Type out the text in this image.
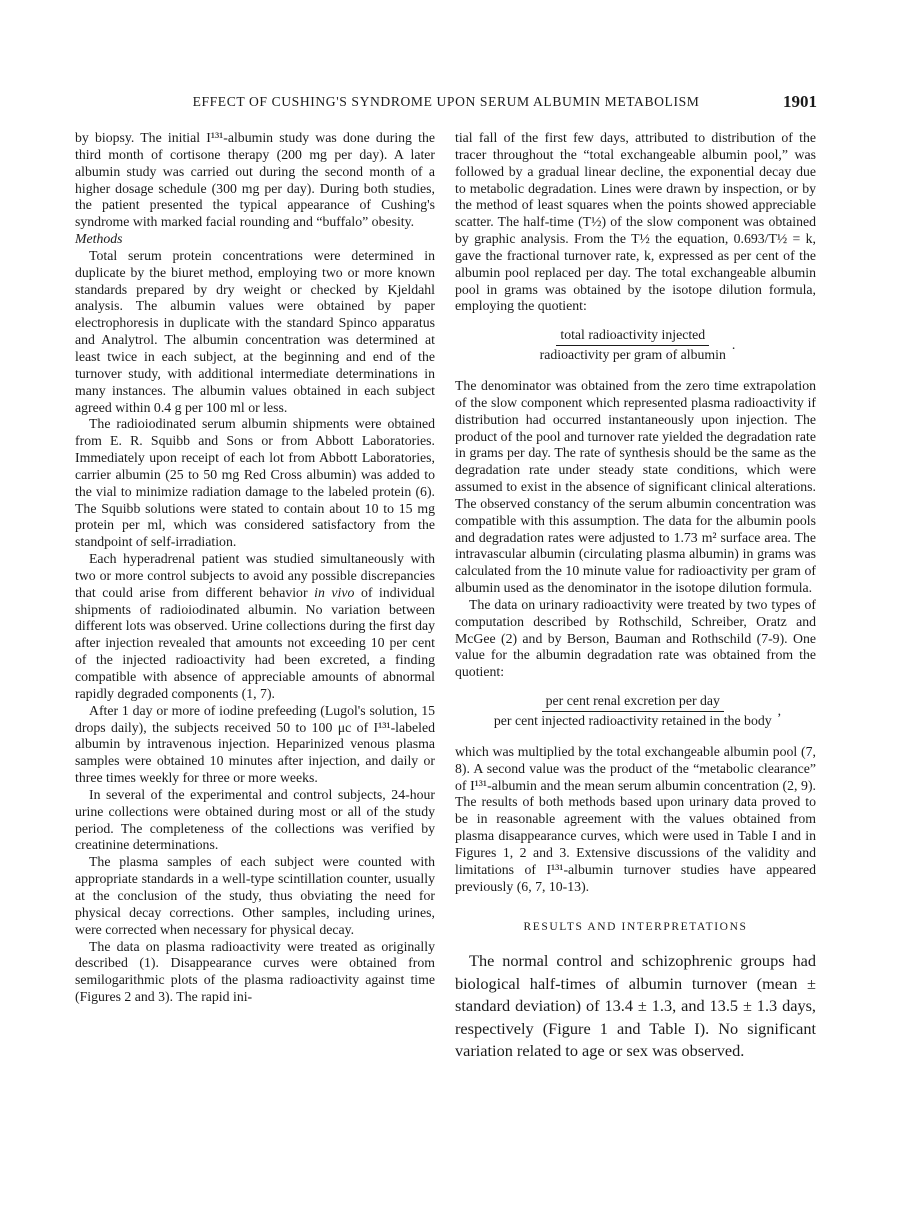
EFFECT OF CUSHING'S SYNDROME UPON SERUM ALBUMIN METABOLISM	1901

by biopsy. The initial I¹³¹-albumin study was done during the third month of cortisone therapy (200 mg per day). A later albumin study was carried out during the second month of a higher dosage schedule (300 mg per day). During both studies, the patient presented the typical appearance of Cushing's syndrome with marked facial rounding and “buffalo” obesity.

Methods

Total serum protein concentrations were determined in duplicate by the biuret method, employing two or more known standards prepared by dry weight or checked by Kjeldahl analysis. The albumin values were obtained by paper electrophoresis in duplicate with the standard Spinco apparatus and Analytrol. The albumin concentration was determined at least twice in each subject, at the beginning and end of the turnover study, with additional intermediate determinations in many instances. The albumin values obtained in each subject agreed within 0.4 g per 100 ml or less.

The radioiodinated serum albumin shipments were obtained from E. R. Squibb and Sons or from Abbott Laboratories. Immediately upon receipt of each lot from Abbott Laboratories, carrier albumin (25 to 50 mg Red Cross albumin) was added to the vial to minimize radiation damage to the labeled protein (6). The Squibb solutions were stated to contain about 10 to 15 mg protein per ml, which was considered satisfactory from the standpoint of self-irradiation.

Each hyperadrenal patient was studied simultaneously with two or more control subjects to avoid any possible discrepancies that could arise from different behavior in vivo of individual shipments of radioiodinated albumin. No variation between different lots was observed. Urine collections during the first day after injection revealed that amounts not exceeding 10 per cent of the injected radioactivity had been excreted, a finding compatible with absence of appreciable amounts of abnormal rapidly degraded components (1, 7).

After 1 day or more of iodine prefeeding (Lugol's solution, 15 drops daily), the subjects received 50 to 100 μc of I¹³¹-labeled albumin by intravenous injection. Heparinized venous plasma samples were obtained 10 minutes after injection, and daily or three times weekly for three or more weeks.

In several of the experimental and control subjects, 24-hour urine collections were obtained during most or all of the study period. The completeness of the collections was verified by creatinine determinations.

The plasma samples of each subject were counted with appropriate standards in a well-type scintillation counter, usually at the conclusion of the study, thus obviating the need for physical decay corrections. Other samples, including urines, were corrected when necessary for physical decay.

The data on plasma radioactivity were treated as originally described (1). Disappearance curves were obtained from semilogarithmic plots of the plasma radioactivity against time (Figures 2 and 3). The rapid ini-

tial fall of the first few days, attributed to distribution of the tracer throughout the “total exchangeable albumin pool,” was followed by a gradual linear decline, the exponential decay due to metabolic degradation. Lines were drawn by inspection, or by the method of least squares when the points showed appreciable scatter. The half-time (T½) of the slow component was obtained by graphic analysis. From the T½ the equation, 0.693/T½ = k, gave the fractional turnover rate, k, expressed as per cent of the albumin pool replaced per day. The total exchangeable albumin pool in grams was obtained by the isotope dilution formula, employing the quotient:

$\frac{\text{total radioactivity injected}}{\text{radioactivity per gram of albumin}}$ .

The denominator was obtained from the zero time extrapolation of the slow component which represented plasma radioactivity if distribution had occurred instantaneously upon injection. The product of the pool and turnover rate yielded the degradation rate in grams per day. The rate of synthesis should be the same as the degradation rate under steady state conditions, which were assumed to exist in the absence of significant clinical alterations. The observed constancy of the serum albumin concentration was compatible with this assumption. The data for the albumin pools and degradation rates were adjusted to 1.73 m² surface area. The intravascular albumin (circulating plasma albumin) in grams was calculated from the 10 minute value for radioactivity per gram of albumin used as the denominator in the isotope dilution formula.

The data on urinary radioactivity were treated by two types of computation described by Rothschild, Schreiber, Oratz and McGee (2) and by Berson, Bauman and Rothschild (7-9). One value for the albumin degradation rate was obtained from the quotient:

$\frac{\text{per cent renal excretion per day}}{\text{per cent injected radioactivity retained in the body}}$ ,

which was multiplied by the total exchangeable albumin pool (7, 8). A second value was the product of the “metabolic clearance” of I¹³¹-albumin and the mean serum albumin concentration (2, 9). The results of both methods based upon urinary data proved to be in reasonable agreement with the values obtained from plasma disappearance curves, which were used in Table I and in Figures 1, 2 and 3. Extensive discussions of the validity and limitations of I¹³¹-albumin turnover studies have appeared previously (6, 7, 10-13).

RESULTS AND INTERPRETATIONS

The normal control and schizophrenic groups had biological half-times of albumin turnover (mean ± standard deviation) of 13.4 ± 1.3, and 13.5 ± 1.3 days, respectively (Figure 1 and Table I). No significant variation related to age or sex was observed.
